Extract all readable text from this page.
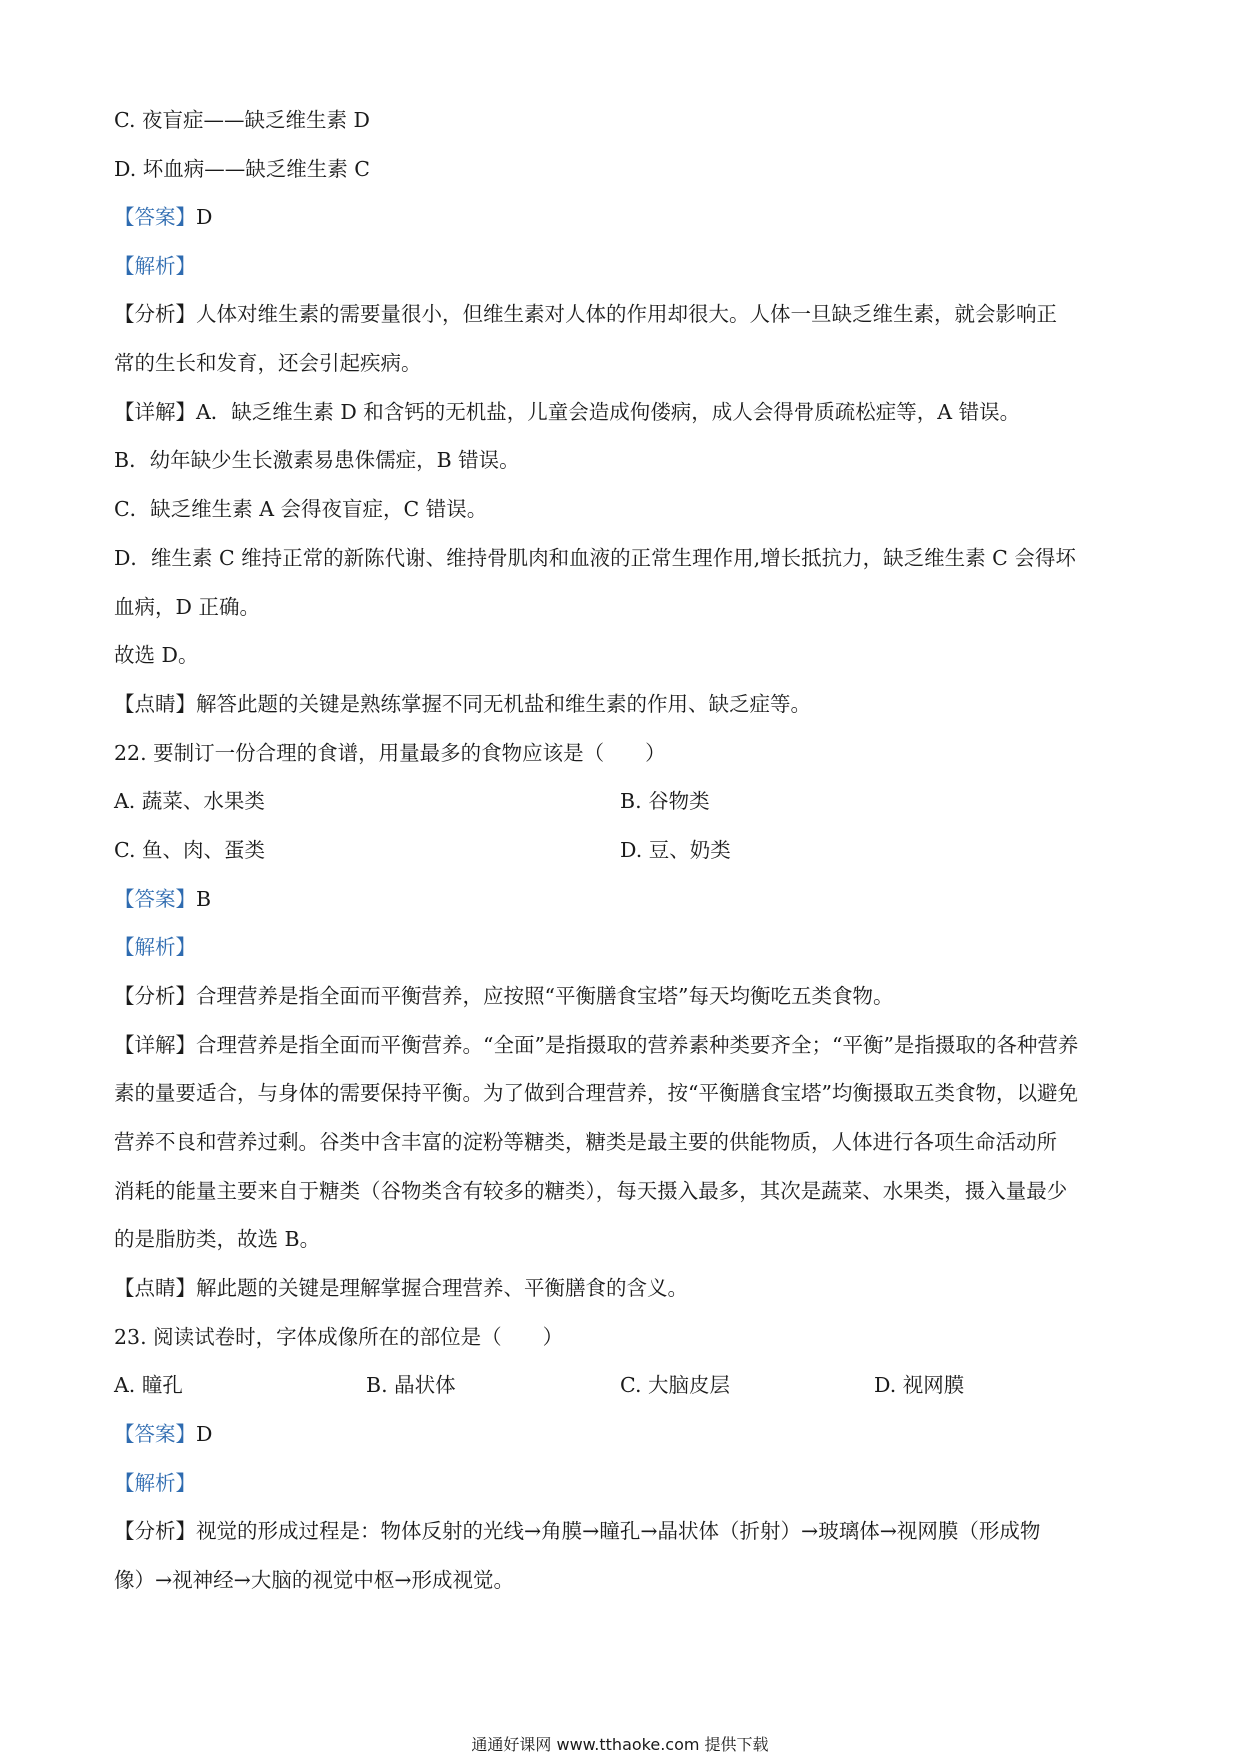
C. 夜盲症——缺乏维生素 D
D. 坏血病——缺乏维生素 C
【答案】D
【解析】
【分析】人体对维生素的需要量很小，但维生素对人体的作用却很大。人体一旦缺乏维生素，就会影响正
常的生长和发育，还会引起疾病。
【详解】A．缺乏维生素 D 和含钙的无机盐，儿童会造成佝偻病，成人会得骨质疏松症等，A 错误。
B．幼年缺少生长激素易患侏儒症，B 错误。
C．缺乏维生素 A 会得夜盲症，C 错误。
D．维生素 C 维持正常的新陈代谢、维持骨肌肉和血液的正常生理作用,增长抵抗力，缺乏维生素 C 会得坏
血病，D 正确。
故选 D。
【点睛】解答此题的关键是熟练掌握不同无机盐和维生素的作用、缺乏症等。
22. 要制订一份合理的食谱，用量最多的食物应该是（　　）
A. 蔬菜、水果类	B. 谷物类
C. 鱼、肉、蛋类	D. 豆、奶类
【答案】B
【解析】
【分析】合理营养是指全面而平衡营养，应按照“平衡膳食宝塔”每天均衡吃五类食物。
【详解】合理营养是指全面而平衡营养。“全面”是指摄取的营养素种类要齐全；“平衡”是指摄取的各种营养
素的量要适合，与身体的需要保持平衡。为了做到合理营养，按“平衡膳食宝塔”均衡摄取五类食物，以避免
营养不良和营养过剩。谷类中含丰富的淀粉等糖类，糖类是最主要的供能物质，人体进行各项生命活动所
消耗的能量主要来自于糖类（谷物类含有较多的糖类），每天摄入最多，其次是蔬菜、水果类，摄入量最少
的是脂肪类，故选 B。
【点睛】解此题的关键是理解掌握合理营养、平衡膳食的含义。
23. 阅读试卷时，字体成像所在的部位是（　　）
A. 瞳孔	B. 晶状体	C. 大脑皮层	D. 视网膜
【答案】D
【解析】
【分析】视觉的形成过程是：物体反射的光线→角膜→瞳孔→晶状体（折射）→玻璃体→视网膜（形成物
像）→视神经→大脑的视觉中枢→形成视觉。
通通好课网 www.tthaoke.com 提供下载
